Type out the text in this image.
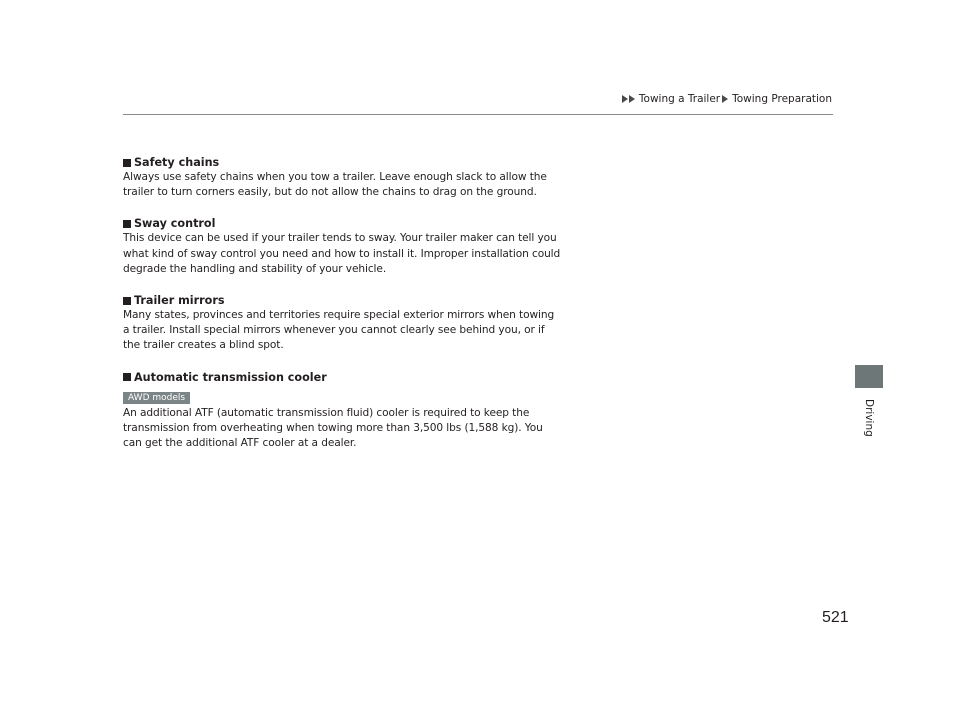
Towing a Trailer Towing Preparation
Driving
Safety chains
Always use safety chains when you tow a trailer. Leave enough slack to allow the trailer to turn corners easily, but do not allow the chains to drag on the ground.
Sway control
This device can be used if your trailer tends to sway. Your trailer maker can tell you what kind of sway control you need and how to install it. Improper installation could degrade the handling and stability of your vehicle.
Trailer mirrors
Many states, provinces and territories require special exterior mirrors when towing a trailer. Install special mirrors whenever you cannot clearly see behind you, or if the trailer creates a blind spot.
Automatic transmission cooler
AWD models
An additional ATF (automatic transmission fluid) cooler is required to keep the transmission from overheating when towing more than 3,500 lbs (1,588 kg). You can get the additional ATF cooler at a dealer.
521
